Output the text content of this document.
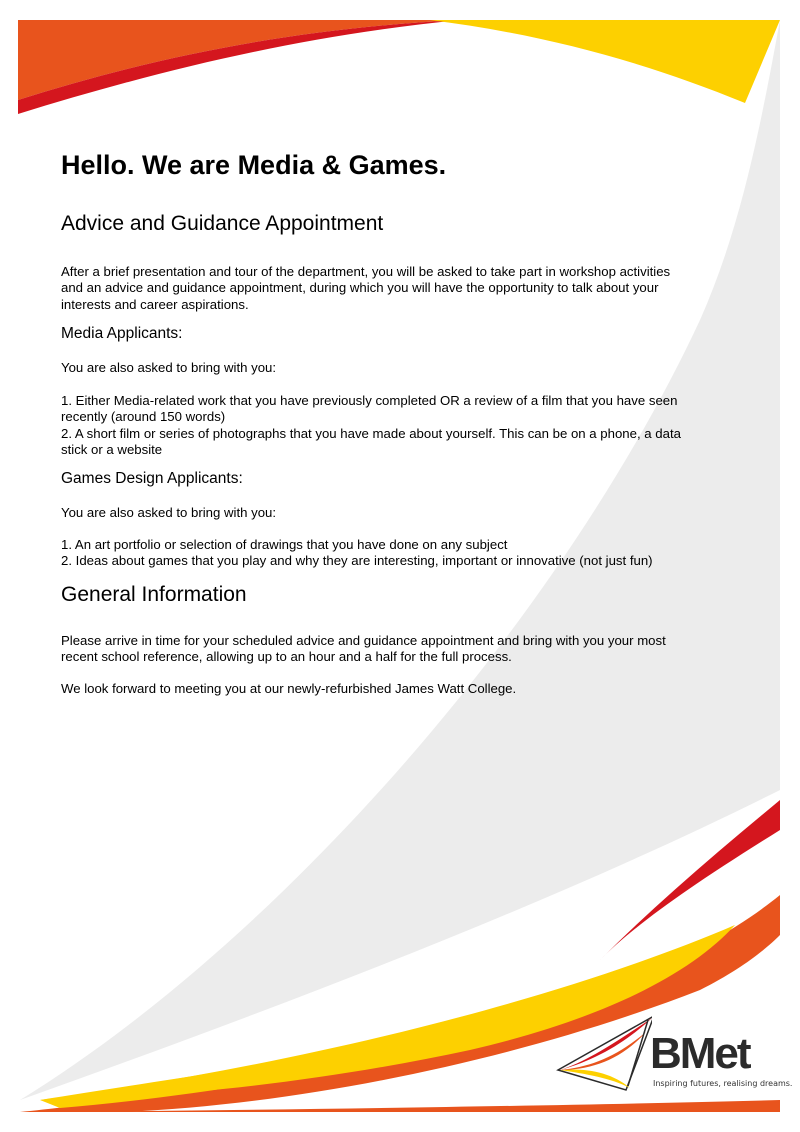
Hello. We are Media & Games.
Advice and Guidance Appointment

After a brief presentation and tour of the department, you will be asked to take part in workshop activities
and an advice and guidance appointment, during which you will have the opportunity to talk about your
interests and career aspirations.

Media Applicants:

You are also asked to bring with you:

1. Either Media-related work that you have previously completed OR a review of a film that you have seen
recently (around 150 words)
2. A short film or series of photographs that you have made about yourself. This can be on a phone, a data
stick or a website

Games Design Applicants:

You are also asked to bring with you:

1. An art portfolio or selection of drawings that you have done on any subject
2. Ideas about games that you play and why they are interesting, important or innovative (not just fun)

General Information

Please arrive in time for your scheduled advice and guidance appointment and bring with you your most
recent school reference, allowing up to an hour and a half for the full process.

We look forward to meeting you at our newly-refurbished James Watt College.

BMet
Inspiring futures, realising dreams.
